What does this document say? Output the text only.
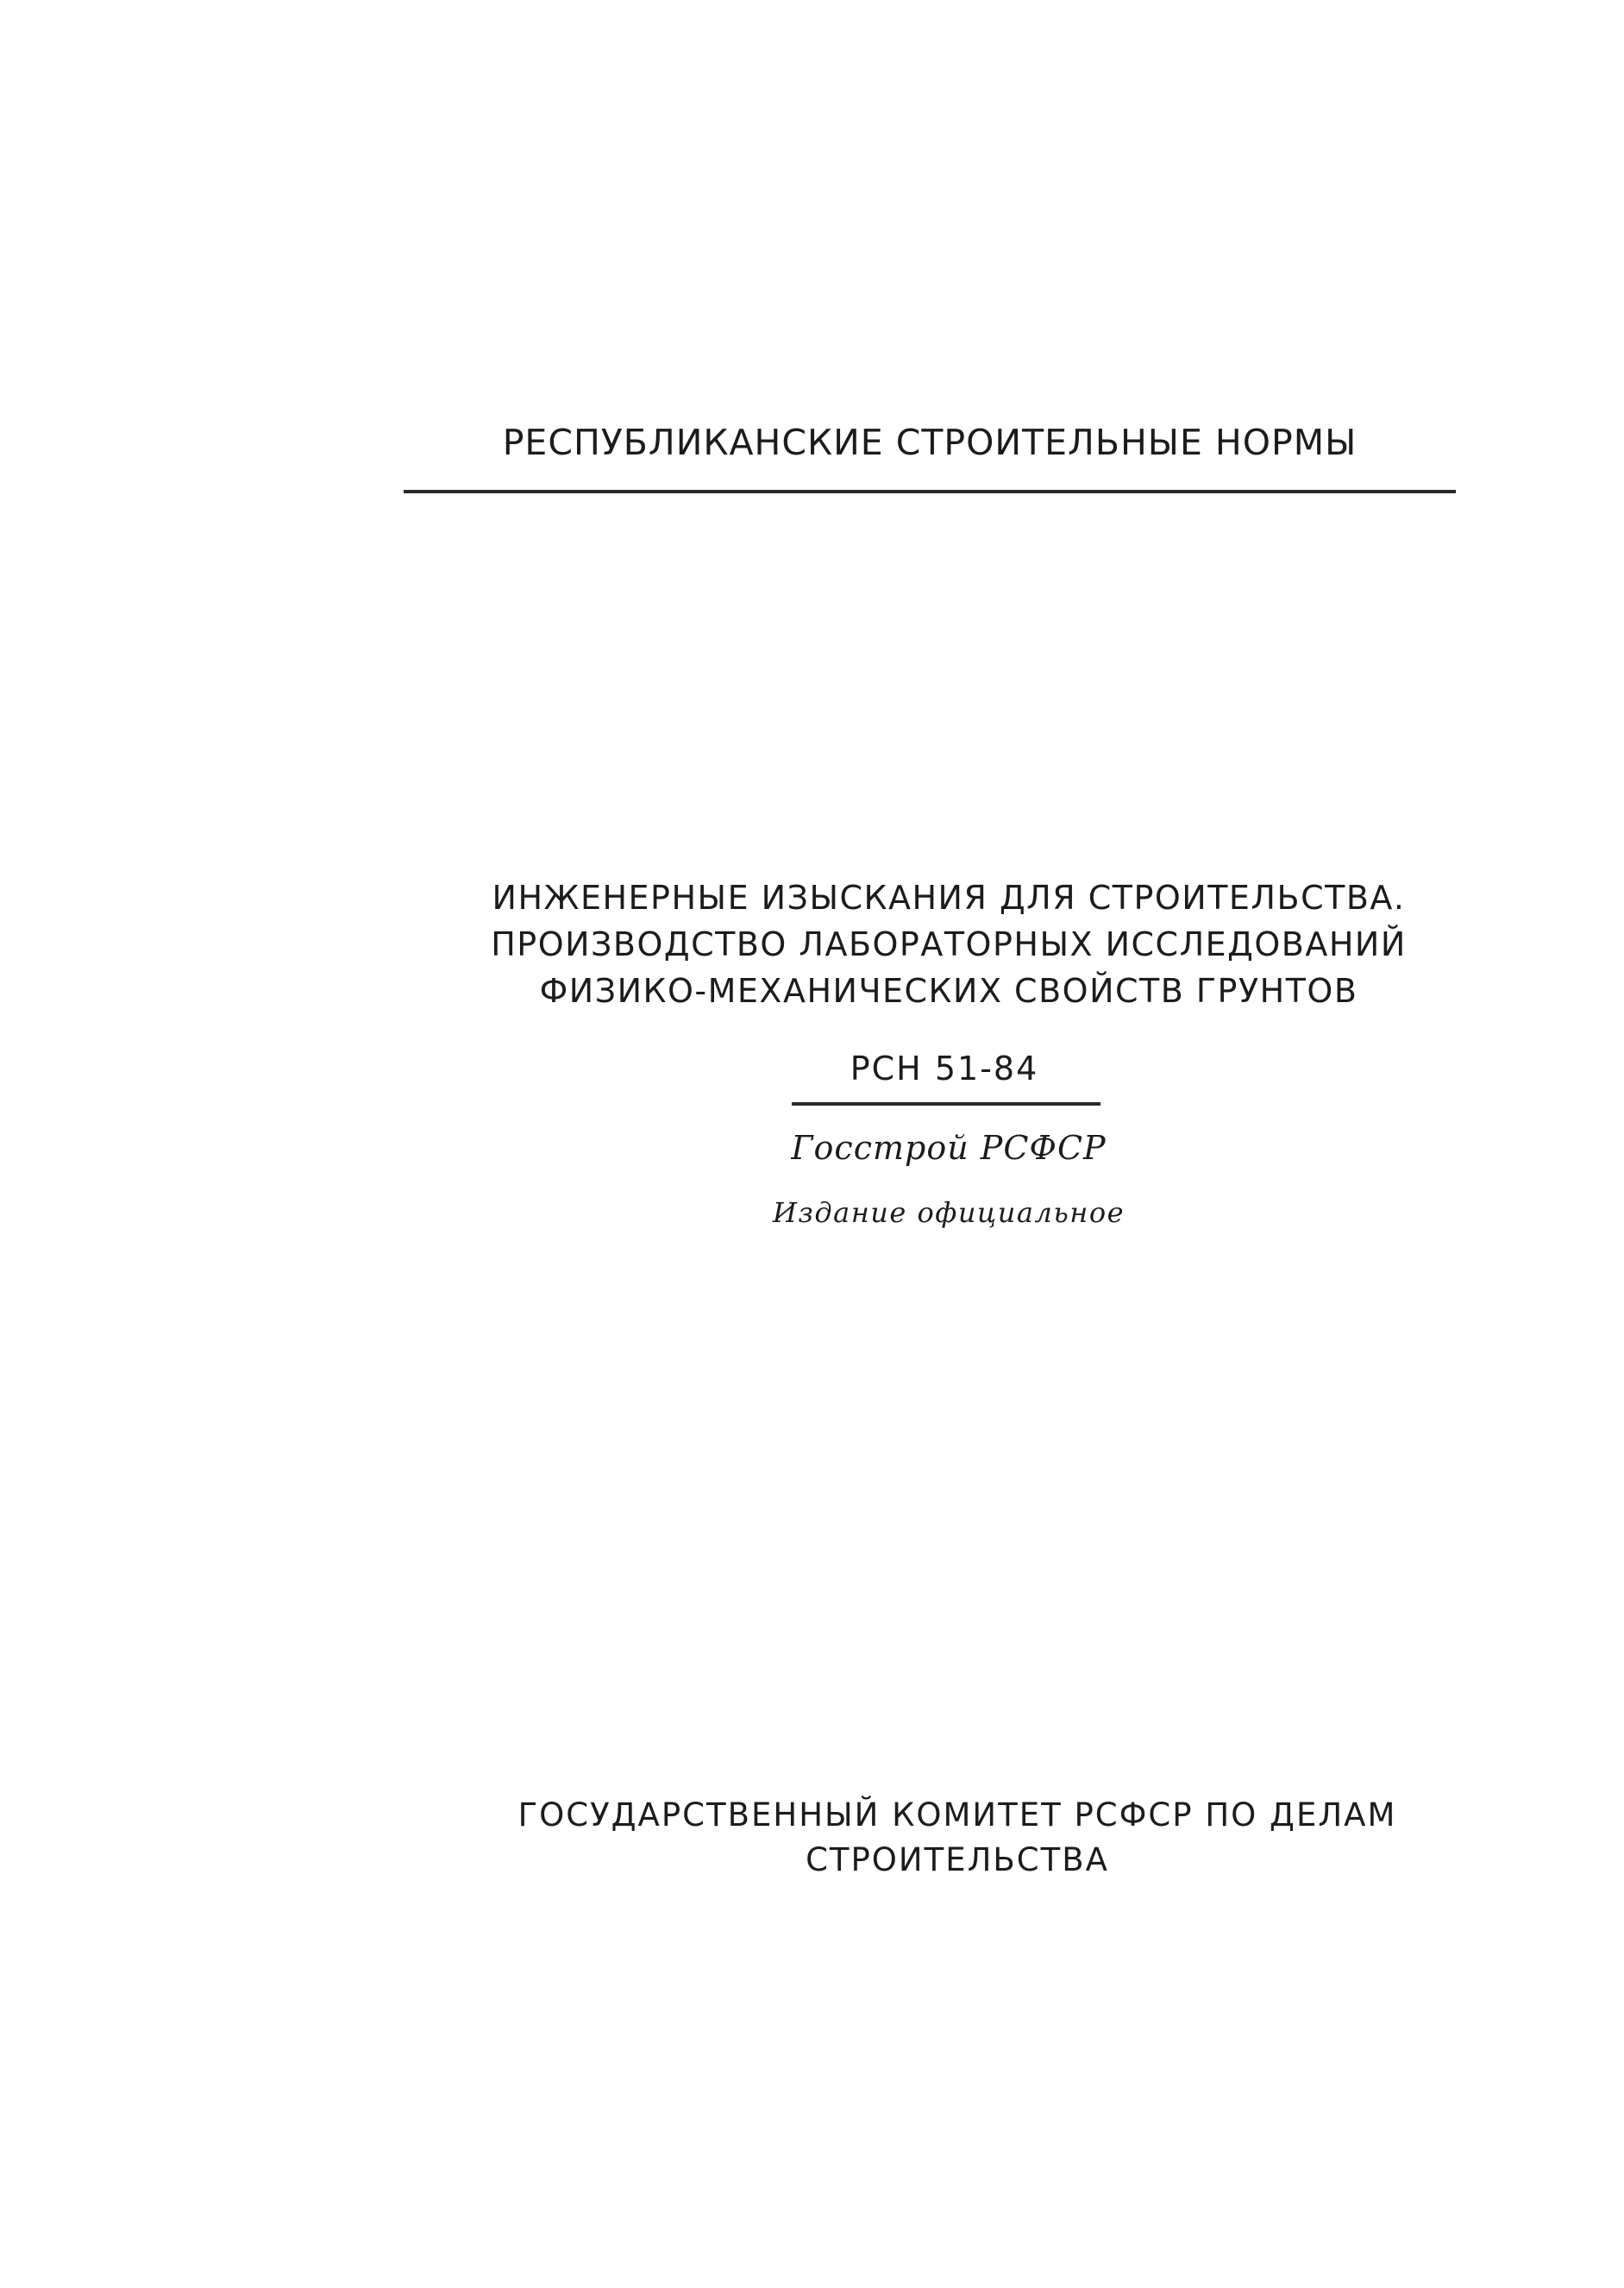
РЕСПУБЛИКАНСКИЕ СТРОИТЕЛЬНЫЕ НОРМЫ
ИНЖЕНЕРНЫЕ ИЗЫСКАНИЯ ДЛЯ СТРОИТЕЛЬСТВА.
ПРОИЗВОДСТВО ЛАБОРАТОРНЫХ ИССЛЕДОВАНИЙ
ФИЗИКО-МЕХАНИЧЕСКИХ СВОЙСТВ ГРУНТОВ
РСН 51-84
Госстрой РСФСР
Издание официальное
ГОСУДАРСТВЕННЫЙ КОМИТЕТ РСФСР ПО ДЕЛАМ
СТРОИТЕЛЬСТВА
